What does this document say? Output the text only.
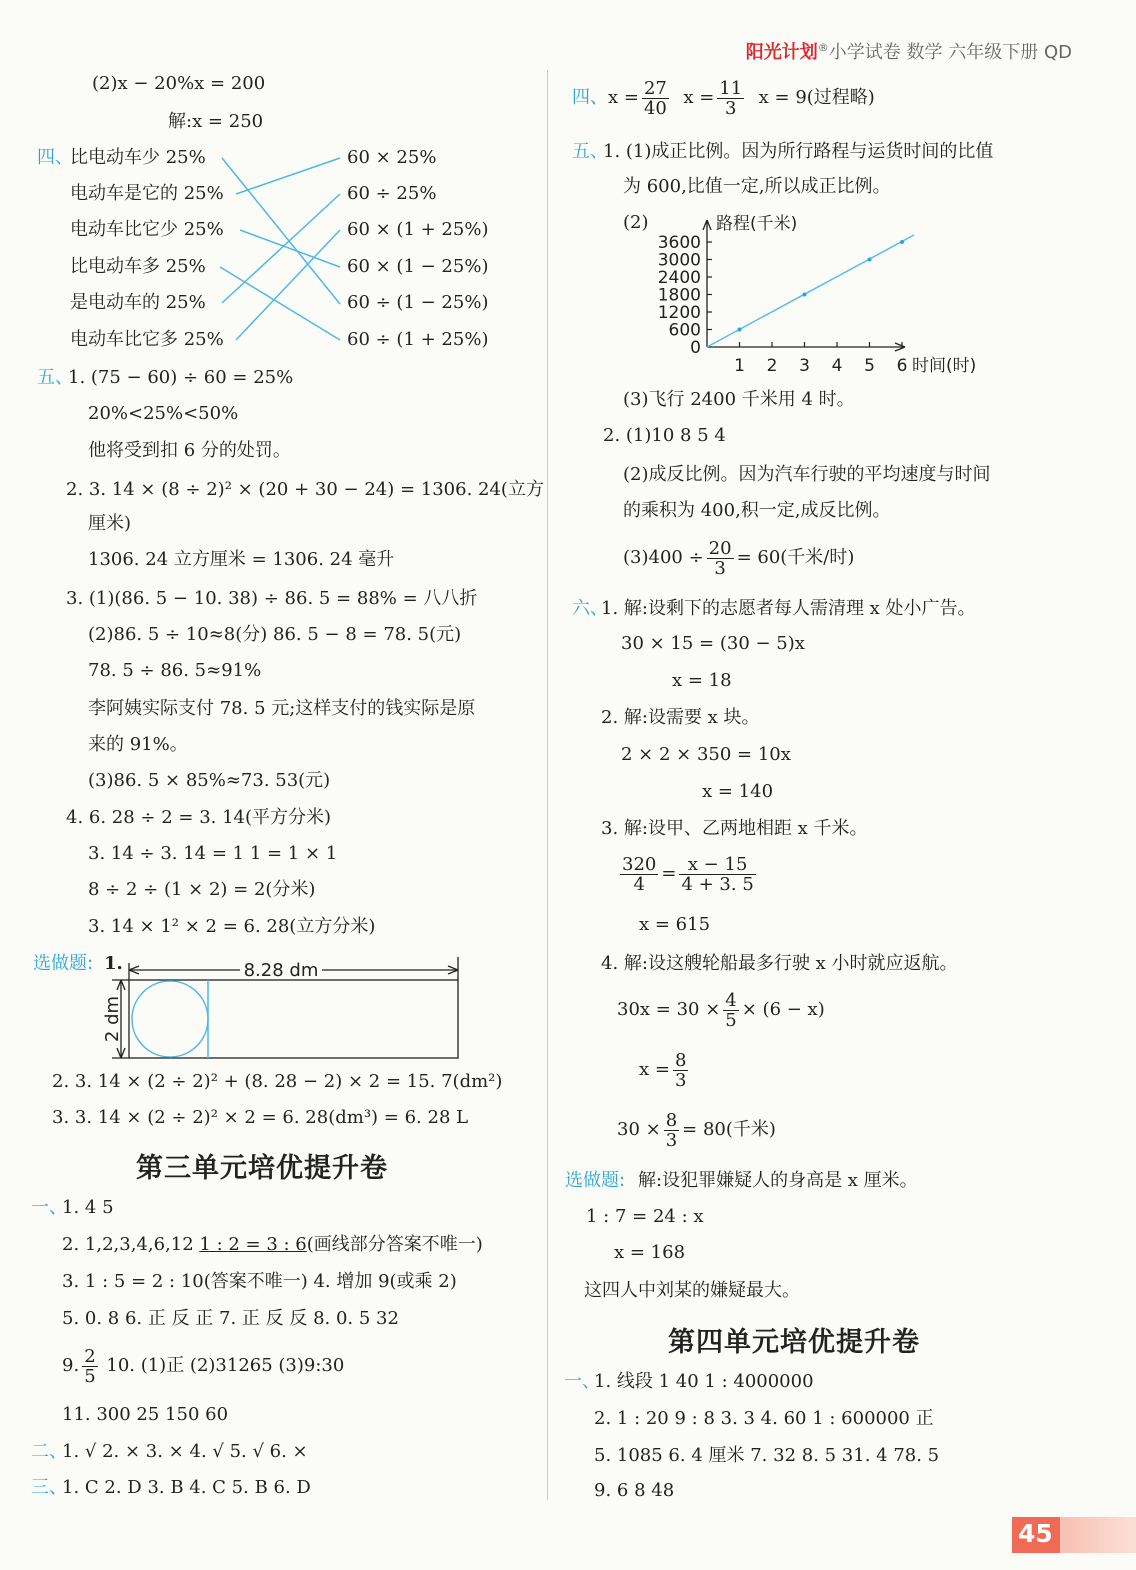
阳光计划®小学试卷 数学 六年级下册 QD
(2)x − 20%x = 200
解:x = 250
四、
比电动车少 25%
电动车是它的 25%
电动车比它少 25%
比电动车多 25%
是电动车的 25%
电动车比它多 25%
60 × 25%
60 ÷ 25%
60 × (1 + 25%)
60 × (1 − 25%)
60 ÷ (1 − 25%)
60 ÷ (1 + 25%)
五、
1. (75 − 60) ÷ 60 = 25%
20%<25%<50%
他将受到扣 6 分的处罚。
2. 3. 14 × (8 ÷ 2)² × (20 + 30 − 24) = 1306. 24(立方
厘米)
1306. 24 立方厘米 = 1306. 24 毫升
3. (1)(86. 5 − 10. 38) ÷ 86. 5 = 88% = 八八折
(2)86. 5 ÷ 10≈8(分) 86. 5 − 8 = 78. 5(元)
78. 5 ÷ 86. 5≈91%
李阿姨实际支付 78. 5 元;这样支付的钱实际是原
来的 91%。
(3)86. 5 × 85%≈73. 53(元)
4. 6. 28 ÷ 2 = 3. 14(平方分米)
3. 14 ÷ 3. 14 = 1 1 = 1 × 1
8 ÷ 2 ÷ (1 × 2) = 2(分米)
3. 14 × 1² × 2 = 6. 28(立方分米)
选做题: 1.	8.28 dm
2 dm
2. 3. 14 × (2 ÷ 2)² + (8. 28 − 2) × 2 = 15. 7(dm²)
3. 3. 14 × (2 ÷ 2)² × 2 = 6. 28(dm³) = 6. 28 L
第三单元培优提升卷
一、
1. 4 5
2. 1,2,3,4,6,12 1 : 2 = 3 : 6(画线部分答案不唯一)
3. 1 : 5 = 2 : 10(答案不唯一) 4. 增加 9(或乘 2)
5. 0. 8 6. 正 反 正 7. 正 反 反 8. 0. 5 32
9. $\frac{2}{5} 10$. (1)正 (2)31265 (3)9:30
11. 300 25 150 60
二、
1. √ 2. × 3. × 4. √ 5. √ 6. ×
三、
1. C 2. D 3. B 4. C 5. B 6. D
四、$x = \frac{27}{40}$ $x = \frac{11}{3}$ x = 9(过程略)
五、
1. (1)成正比例。因为所行路程与运货时间的比值
为 600,比值一定,所以成正比例。
(2)	路程(千米)
时间(时)
0
600
1200
1800
2400
3000
3600
1 2 3 4 5 6
(3)飞行 2400 千米用 4 时。
2. (1)10 8 5 4
(2)成反比例。因为汽车行驶的平均速度与时间
的乘积为 400,积一定,成反比例。
$(3)400 \div \frac{20}{3} = 60$(千米/时)
六、
1. 解:设剩下的志愿者每人需清理 x 处小广告。
30 × 15 = (30 − 5)x
x = 18
2. 解:设需要 x 块。
2 × 2 × 350 = 10x
x = 140
3. 解:设甲、乙两地相距 x 千米。
$\frac{320}{4} = \frac{x - 15}{4 + 3. 5}$
x = 615
4. 解:设这艘轮船最多行驶 x 小时就应返航。
$30x = 30 \times \frac{4}{5} \times (6 - x)$
$x = \frac{8}{3}$
$30 \times \frac{8}{3} = 80$(千米)
选做题: 解:设犯罪嫌疑人的身高是 x 厘米。
1 : 7 = 24 : x
x = 168
这四人中刘某的嫌疑最大。
第四单元培优提升卷
一、
1. 线段 1 40 1 : 4000000
2. 1 : 20 9 : 8 3. 3 4. 60 1 : 600000 正
5. 1085 6. 4 厘米 7. 32 8. 5 31. 4 78. 5
9. 6 8 48
45
